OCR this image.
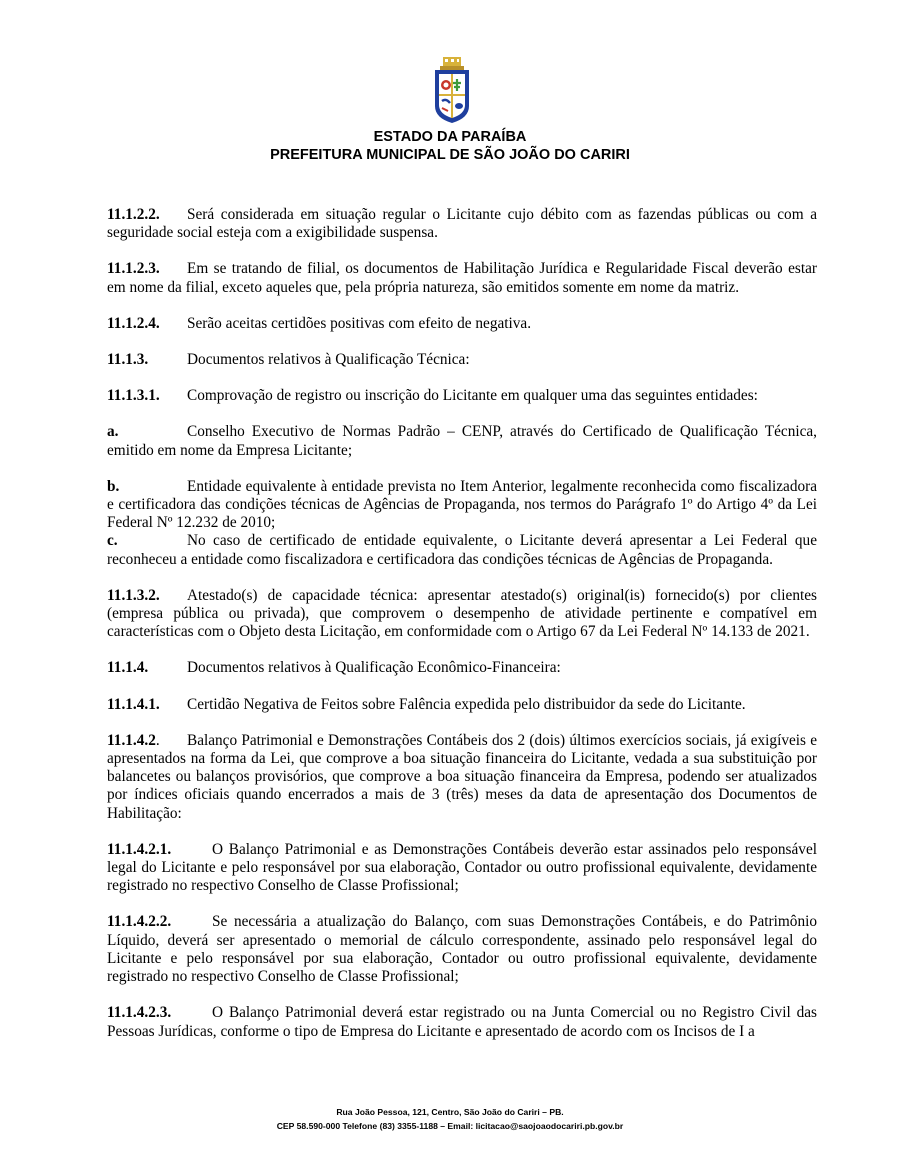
ESTADO DA PARAÍBA
PREFEITURA MUNICIPAL DE SÃO JOÃO DO CARIRI

11.1.2.2. Será considerada em situação regular o Licitante cujo débito com as fazendas públicas ou com a seguridade social esteja com a exigibilidade suspensa.

11.1.2.3. Em se tratando de filial, os documentos de Habilitação Jurídica e Regularidade Fiscal deverão estar em nome da filial, exceto aqueles que, pela própria natureza, são emitidos somente em nome da matriz.

11.1.2.4. Serão aceitas certidões positivas com efeito de negativa.

11.1.3.	Documentos relativos à Qualificação Técnica:

11.1.3.1. Comprovação de registro ou inscrição do Licitante em qualquer uma das seguintes entidades:

a.	Conselho Executivo de Normas Padrão – CENP, através do Certificado de Qualificação Técnica, emitido em nome da Empresa Licitante;

b.	Entidade equivalente à entidade prevista no Item Anterior, legalmente reconhecida como fiscalizadora e certificadora das condições técnicas de Agências de Propaganda, nos termos do Parágrafo 1º do Artigo 4º da Lei Federal Nº 12.232 de 2010;

c.	No caso de certificado de entidade equivalente, o Licitante deverá apresentar a Lei Federal que reconheceu a entidade como fiscalizadora e certificadora das condições técnicas de Agências de Propaganda.

11.1.3.2. Atestado(s) de capacidade técnica: apresentar atestado(s) original(is) fornecido(s) por clientes (empresa pública ou privada), que comprovem o desempenho de atividade pertinente e compatível em características com o Objeto desta Licitação, em conformidade com o Artigo 67 da Lei Federal Nº 14.133 de 2021.

11.1.4.	Documentos relativos à Qualificação Econômico-Financeira:

11.1.4.1. Certidão Negativa de Feitos sobre Falência expedida pelo distribuidor da sede do Licitante.

11.1.4.2. Balanço Patrimonial e Demonstrações Contábeis dos 2 (dois) últimos exercícios sociais, já exigíveis e apresentados na forma da Lei, que comprove a boa situação financeira do Licitante, vedada a sua substituição por balancetes ou balanços provisórios, que comprove a boa situação financeira da Empresa, podendo ser atualizados por índices oficiais quando encerrados a mais de 3 (três) meses da data de apresentação dos Documentos de Habilitação:

11.1.4.2.1.	O Balanço Patrimonial e as Demonstrações Contábeis deverão estar assinados pelo responsável legal do Licitante e pelo responsável por sua elaboração, Contador ou outro profissional equivalente, devidamente registrado no respectivo Conselho de Classe Profissional;

11.1.4.2.2.	Se necessária a atualização do Balanço, com suas Demonstrações Contábeis, e do Patrimônio Líquido, deverá ser apresentado o memorial de cálculo correspondente, assinado pelo responsável legal do Licitante e pelo responsável por sua elaboração, Contador ou outro profissional equivalente, devidamente registrado no respectivo Conselho de Classe Profissional;

11.1.4.2.3.	O Balanço Patrimonial deverá estar registrado ou na Junta Comercial ou no Registro Civil das Pessoas Jurídicas, conforme o tipo de Empresa do Licitante e apresentado de acordo com os Incisos de I a

Rua João Pessoa, 121, Centro, São João do Cariri – PB.
CEP 58.590-000 Telefone (83) 3355-1188 – Email: licitacao@saojoaodocariri.pb.gov.br
